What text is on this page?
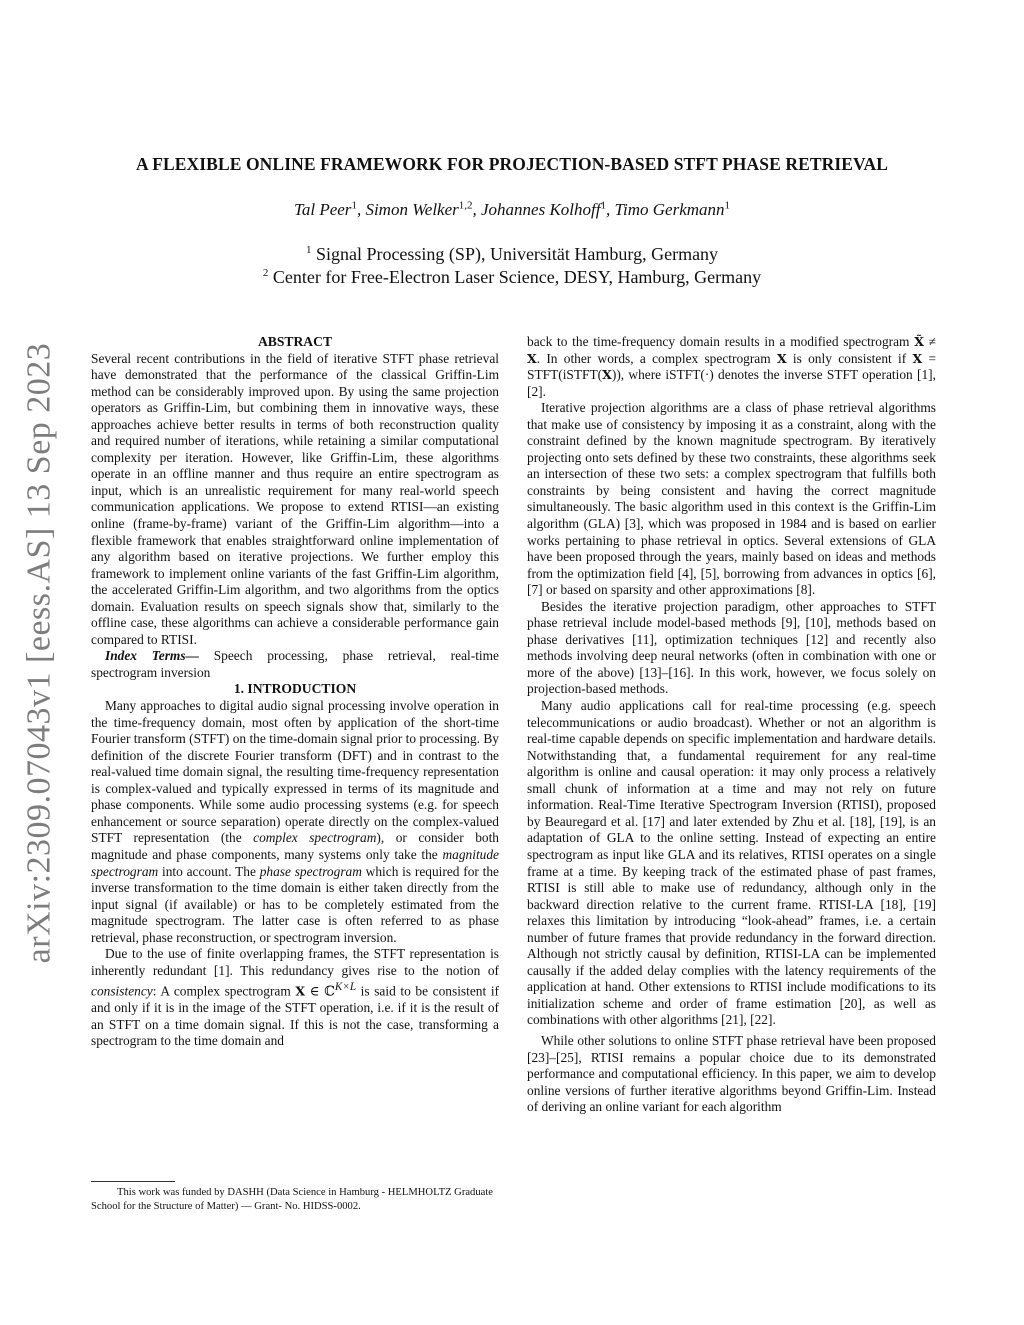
arXiv:2309.07043v1 [eess.AS] 13 Sep 2023
A FLEXIBLE ONLINE FRAMEWORK FOR PROJECTION-BASED STFT PHASE RETRIEVAL
Tal Peer$^1$, Simon Welker$^{1,2}$, Johannes Kolhoff$^1$, Timo Gerkmann$^1$
$^1$ Signal Processing (SP), Universität Hamburg, Germany
$^2$ Center for Free-Electron Laser Science, DESY, Hamburg, Germany

ABSTRACT

Several recent contributions in the field of iterative STFT phase retrieval have demonstrated that the performance of the classical Griffin-Lim method can be considerably improved upon. By using the same projection operators as Griffin-Lim, but combining them in innovative ways, these approaches achieve better results in terms of both reconstruction quality and required number of iterations, while retaining a similar computational complexity per iteration. However, like Griffin-Lim, these algorithms operate in an offline manner and thus require an entire spectrogram as input, which is an unrealistic requirement for many real-world speech communication applications. We propose to extend RTISI—an existing online (frame-by-frame) variant of the Griffin-Lim algorithm—into a flexible framework that enables straightforward online implementation of any algorithm based on iterative projections. We further employ this framework to implement online variants of the fast Griffin-Lim algorithm, the accelerated Griffin-Lim algorithm, and two algorithms from the optics domain. Evaluation results on speech signals show that, similarly to the offline case, these algorithms can achieve a considerable performance gain compared to RTISI.

Index Terms— Speech processing, phase retrieval, real-time spectrogram inversion

1. INTRODUCTION

Many approaches to digital audio signal processing involve operation in the time-frequency domain, most often by application of the short-time Fourier transform (STFT) on the time-domain signal prior to processing. By definition of the discrete Fourier transform (DFT) and in contrast to the real-valued time domain signal, the resulting time-frequency representation is complex-valued and typically expressed in terms of its magnitude and phase components. While some audio processing systems (e.g. for speech enhancement or source separation) operate directly on the complex-valued STFT representation (the complex spectrogram), or consider both magnitude and phase components, many systems only take the magnitude spectrogram into account. The phase spectrogram which is required for the inverse transformation to the time domain is either taken directly from the input signal (if available) or has to be completely estimated from the magnitude spectrogram. The latter case is often referred to as phase retrieval, phase reconstruction, or spectrogram inversion.

Due to the use of finite overlapping frames, the STFT representation is inherently redundant [1]. This redundancy gives rise to the notion of consistency: A complex spectrogram X ∈ ℂ$^{K\times L}$ is said to be consistent if and only if it is in the image of the STFT operation, i.e. if it is the result of an STFT on a time domain signal. If this is not the case, transforming a spectrogram to the time domain and

This work was funded by DASHH (Data Science in Hamburg - HELMHOLTZ Graduate School for the Structure of Matter) — Grant- No. HIDSS-0002.

back to the time-frequency domain results in a modified spectrogram X̃ ≠ X. In other words, a complex spectrogram X is only consistent if X = STFT(iSTFT(X)), where iSTFT(·) denotes the inverse STFT operation [1], [2].

Iterative projection algorithms are a class of phase retrieval algorithms that make use of consistency by imposing it as a constraint, along with the constraint defined by the known magnitude spectrogram. By iteratively projecting onto sets defined by these two constraints, these algorithms seek an intersection of these two sets: a complex spectrogram that fulfills both constraints by being consistent and having the correct magnitude simultaneously. The basic algorithm used in this context is the Griffin-Lim algorithm (GLA) [3], which was proposed in 1984 and is based on earlier works pertaining to phase retrieval in optics. Several extensions of GLA have been proposed through the years, mainly based on ideas and methods from the optimization field [4], [5], borrowing from advances in optics [6], [7] or based on sparsity and other approximations [8].

Besides the iterative projection paradigm, other approaches to STFT phase retrieval include model-based methods [9], [10], methods based on phase derivatives [11], optimization techniques [12] and recently also methods involving deep neural networks (often in combination with one or more of the above) [13]–[16]. In this work, however, we focus solely on projection-based methods.

Many audio applications call for real-time processing (e.g. speech telecommunications or audio broadcast). Whether or not an algorithm is real-time capable depends on specific implementation and hardware details. Notwithstanding that, a fundamental requirement for any real-time algorithm is online and causal operation: it may only process a relatively small chunk of information at a time and may not rely on future information. Real-Time Iterative Spectrogram Inversion (RTISI), proposed by Beauregard et al. [17] and later extended by Zhu et al. [18], [19], is an adaptation of GLA to the online setting. Instead of expecting an entire spectrogram as input like GLA and its relatives, RTISI operates on a single frame at a time. By keeping track of the estimated phase of past frames, RTISI is still able to make use of redundancy, although only in the backward direction relative to the current frame. RTISI-LA [18], [19] relaxes this limitation by introducing “look-ahead” frames, i.e. a certain number of future frames that provide redundancy in the forward direction. Although not strictly causal by definition, RTISI-LA can be implemented causally if the added delay complies with the latency requirements of the application at hand. Other extensions to RTISI include modifications to its initialization scheme and order of frame estimation [20], as well as combinations with other algorithms [21], [22].

While other solutions to online STFT phase retrieval have been proposed [23]–[25], RTISI remains a popular choice due to its demonstrated performance and computational efficiency. In this paper, we aim to develop online versions of further iterative algorithms beyond Griffin-Lim. Instead of deriving an online variant for each algorithm
